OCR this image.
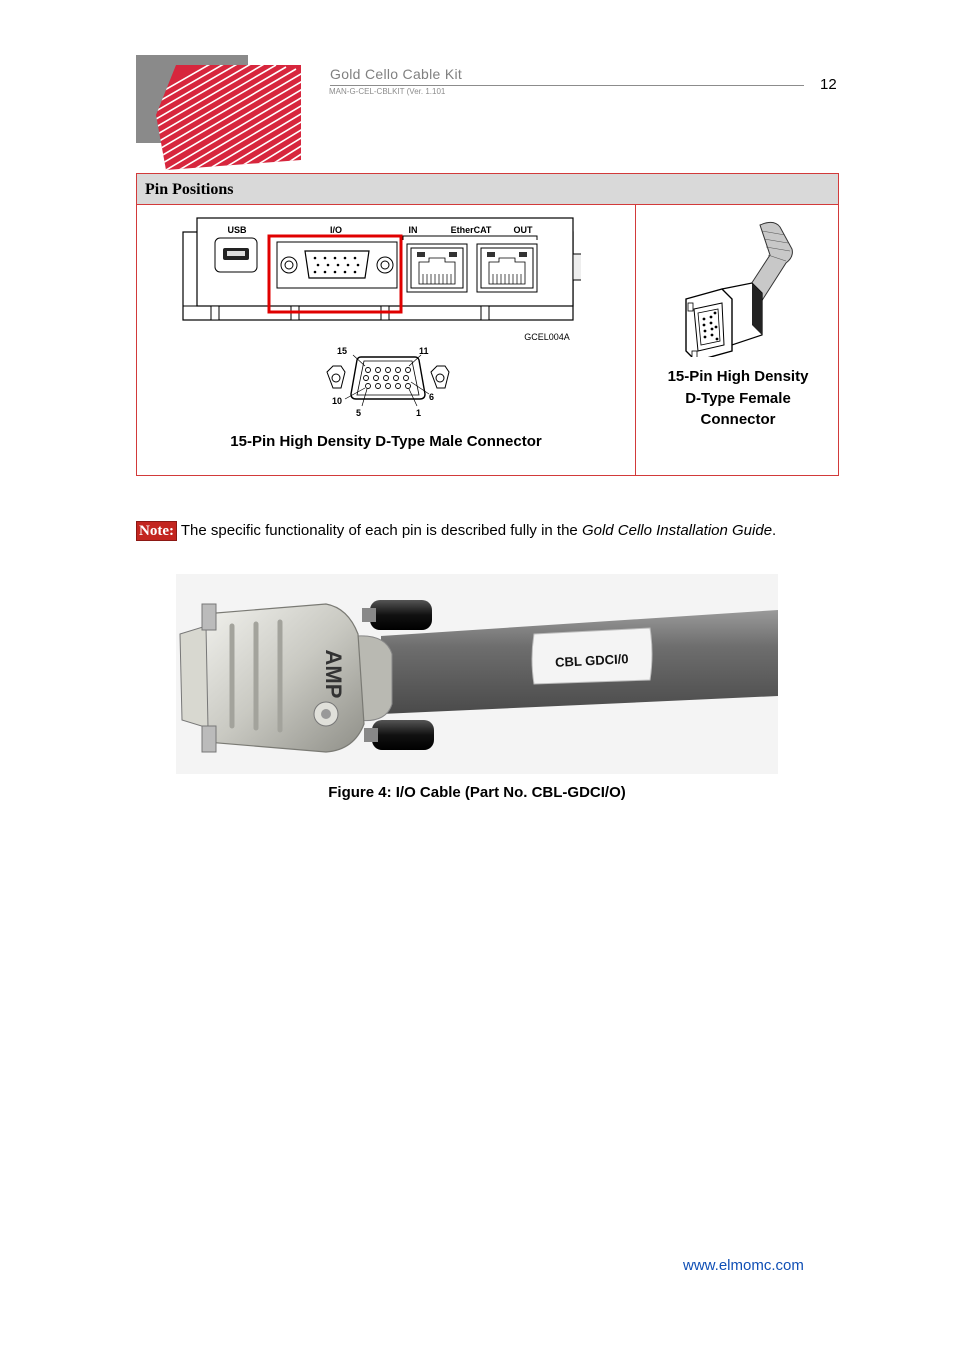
Gold Cello Cable Kit
MAN-G-CEL-CBLKIT (Ver. 1.101	12
Pin Positions
USB	I/O	IN	EtherCAT OUT
GCEL004A
15	11
10	6
5	1
15-Pin High Density D-Type Male Connector
15-Pin High Density
D-Type Female
Connector
Note: The specific functionality of each pin is described fully in the Gold Cello Installation Guide.
CBL GDCI/0
AMP
Figure 4: I/O Cable (Part No. CBL-GDCI/O)
www.elmomc.com
